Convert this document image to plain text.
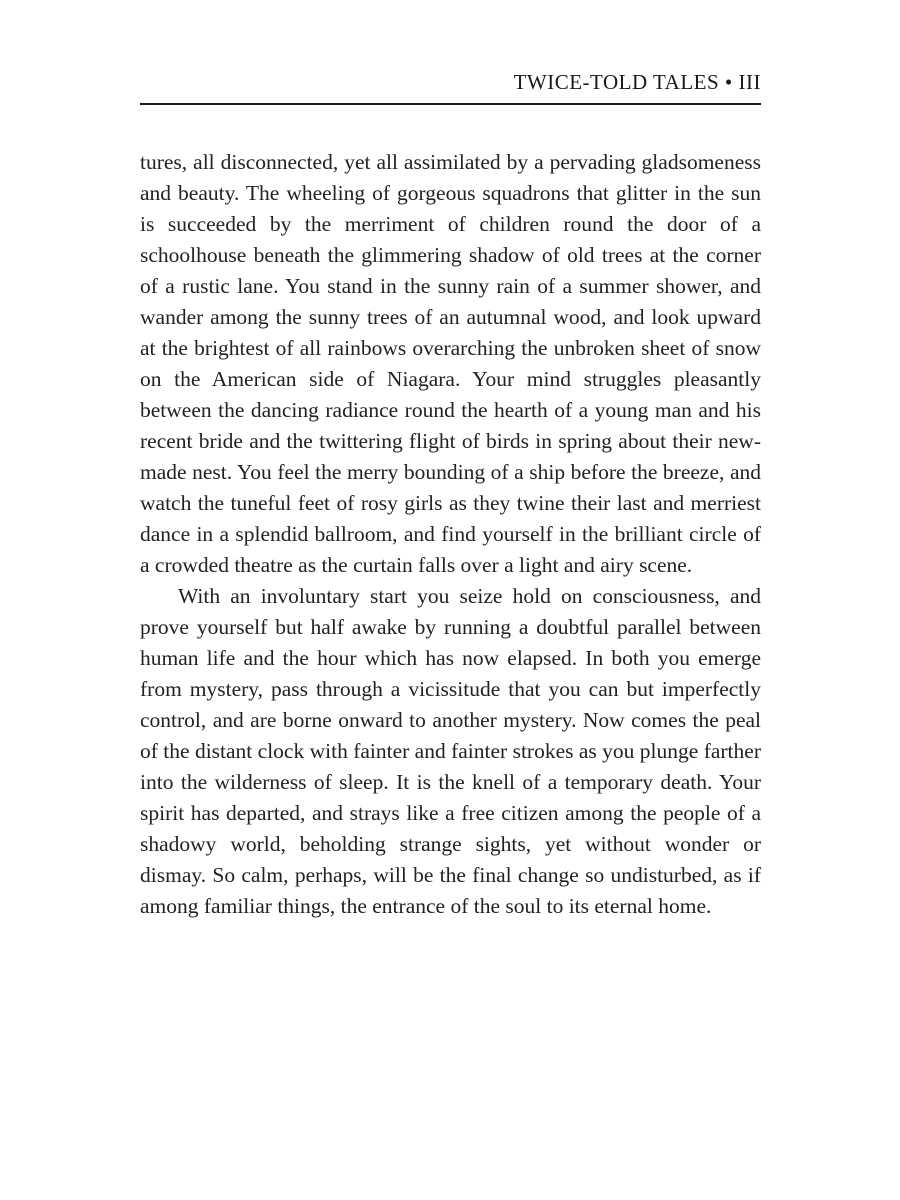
TWICE-TOLD TALES • III

tures, all disconnected, yet all assimilated by a pervading gladsomeness and beauty. The wheeling of gorgeous squadrons that glitter in the sun is succeeded by the merriment of children round the door of a schoolhouse beneath the glimmering shadow of old trees at the corner of a rustic lane. You stand in the sunny rain of a summer shower, and wander among the sunny trees of an autumnal wood, and look upward at the brightest of all rainbows overarching the unbroken sheet of snow on the American side of Niagara. Your mind struggles pleasantly between the dancing radiance round the hearth of a young man and his recent bride and the twittering flight of birds in spring about their new-made nest. You feel the merry bounding of a ship before the breeze, and watch the tuneful feet of rosy girls as they twine their last and merriest dance in a splendid ballroom, and find yourself in the brilliant circle of a crowded theatre as the curtain falls over a light and airy scene.

With an involuntary start you seize hold on consciousness, and prove yourself but half awake by running a doubtful parallel between human life and the hour which has now elapsed. In both you emerge from mystery, pass through a vicissitude that you can but imperfectly control, and are borne onward to another mystery. Now comes the peal of the distant clock with fainter and fainter strokes as you plunge farther into the wilderness of sleep. It is the knell of a temporary death. Your spirit has departed, and strays like a free citizen among the people of a shadowy world, beholding strange sights, yet without wonder or dismay. So calm, perhaps, will be the final change so undisturbed, as if among familiar things, the entrance of the soul to its eternal home.
